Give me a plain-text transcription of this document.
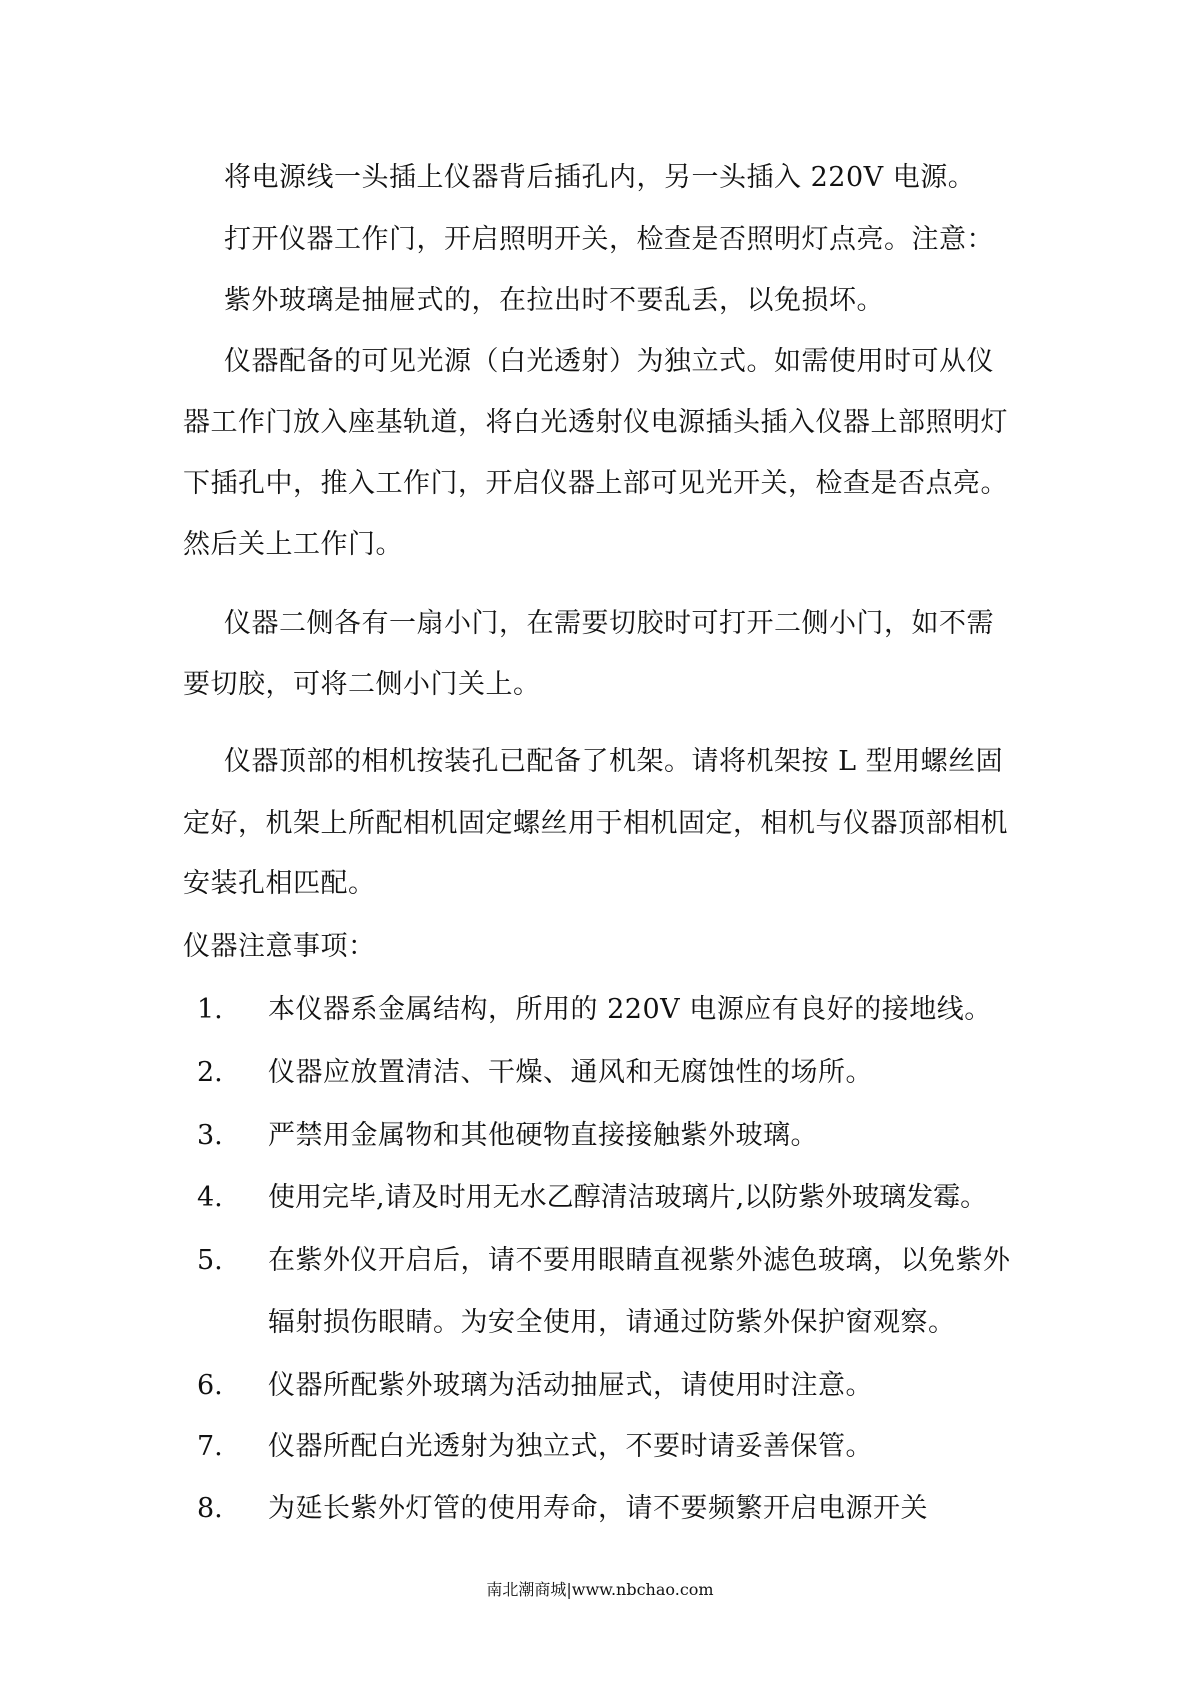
将电源线一头插上仪器背后插孔内，另一头插入 220V 电源。
打开仪器工作门，开启照明开关，检查是否照明灯点亮。注意：
紫外玻璃是抽屉式的，在拉出时不要乱丢，以免损坏。
仪器配备的可见光源（白光透射）为独立式。如需使用时可从仪
器工作门放入座基轨道，将白光透射仪电源插头插入仪器上部照明灯
下插孔中，推入工作门，开启仪器上部可见光开关，检查是否点亮。
然后关上工作门。
仪器二侧各有一扇小门，在需要切胶时可打开二侧小门，如不需
要切胶，可将二侧小门关上。
仪器顶部的相机按装孔已配备了机架。请将机架按 L 型用螺丝固
定好，机架上所配相机固定螺丝用于相机固定，相机与仪器顶部相机
安装孔相匹配。
仪器注意事项：
1. 本仪器系金属结构，所用的 220V 电源应有良好的接地线。
2. 仪器应放置清洁、干燥、通风和无腐蚀性的场所。
3. 严禁用金属物和其他硬物直接接触紫外玻璃。
4. 使用完毕,请及时用无水乙醇清洁玻璃片,以防紫外玻璃发霉。
5. 在紫外仪开启后，请不要用眼睛直视紫外滤色玻璃，以免紫外
辐射损伤眼睛。为安全使用，请通过防紫外保护窗观察。
6. 仪器所配紫外玻璃为活动抽屉式，请使用时注意。
7. 仪器所配白光透射为独立式，不要时请妥善保管。
8. 为延长紫外灯管的使用寿命，请不要频繁开启电源开关
南北潮商城|www.nbchao.com
